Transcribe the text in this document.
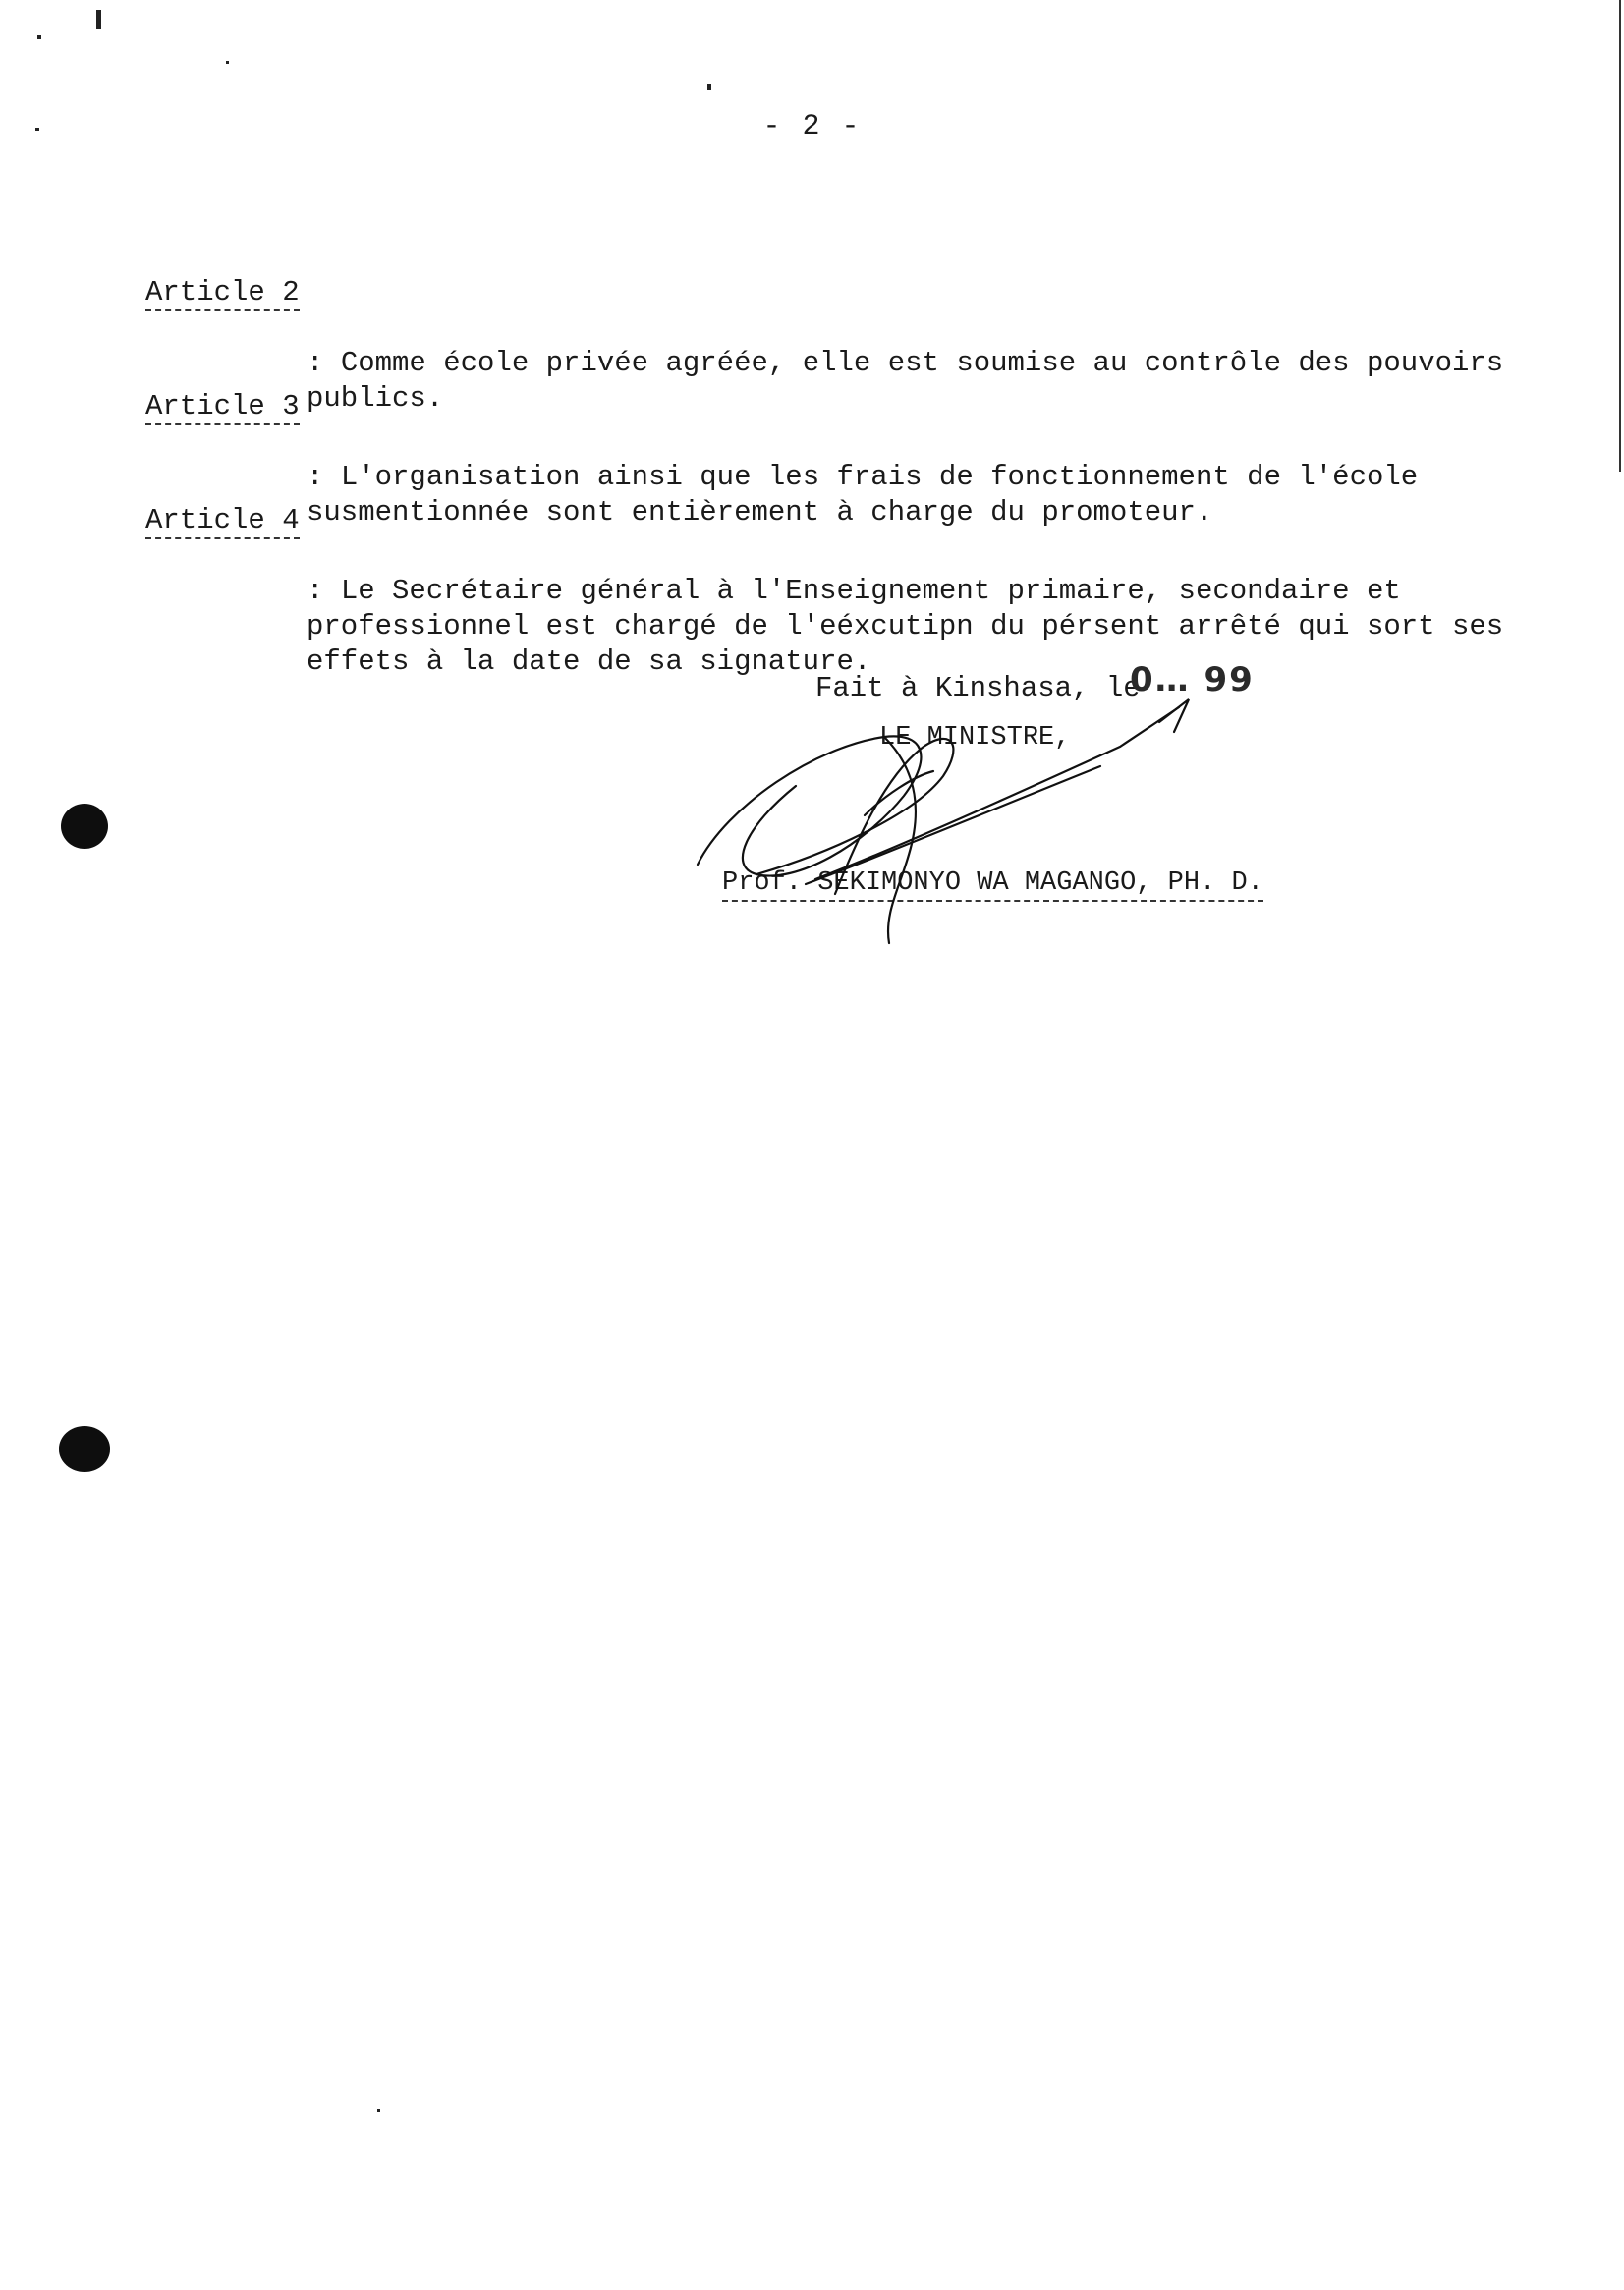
- 2 -
Article 2

: Comme école privée agréée, elle est soumise au contrôle des pouvoirs publics.

Article 3

: L'organisation ainsi que les frais de fonctionnement de l'école susmentionnée sont entièrement à charge du promoteur.

Article 4

: Le Secrétaire général à l'Enseignement primaire, secondaire et professionnel est chargé de l'eéxcutipn du pérsent arrêté qui sort ses effets à la date de sa signature.

Fait à Kinshasa, le
0… 99
LE MINISTRE,
Prof. SEKIMONYO WA MAGANGO, PH. D.
